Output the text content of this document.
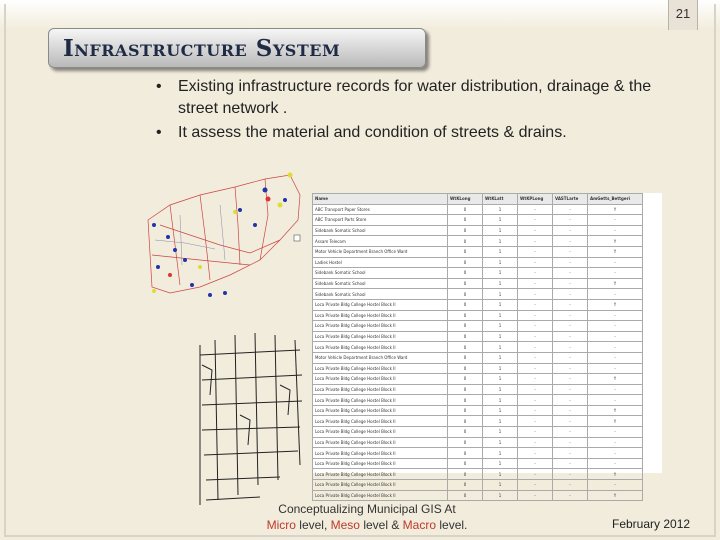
21
Infrastructure System
• Existing infrastructure records for water distribution, drainage & the street network .
• It assess the material and condition of streets & drains.
Name	WtKLong	WtKLatt	WtKPLong	VASTLarte	AmGetts_Bettgeri
ABC Transport Paper Stores	0	1	-	-	Y
ABC Transport Parts Store	0	1	-	-	-
Sidebank Somatic School	0	1	-	-	-
Assam Telecom	0	1	-	-	Y
Motor Vehicle Department Branch Office Ward	0	1	-	-	Y
Ladies Hostel	0	1	-	-	-
Sidebank Somatic School	0	1	-	-	-
Sidebank Somatic School	0	1	-	-	Y
Sidebank Somatic School	0	1	-	-	-
Loca Private Bldg College Hostel Block II	0	1	-	-	Y
Loca Private Bldg College Hostel Block II	0	1	-	-	-
Loca Private Bldg College Hostel Block II	0	1	-	-	-
Loca Private Bldg College Hostel Block II	0	1	-	-	-
Loca Private Bldg College Hostel Block II	0	1	-	-	-
Motor Vehicle Department Branch Office Ward	0	1	-	-	-
Loca Private Bldg College Hostel Block II	0	1	-	-	-
Loca Private Bldg College Hostel Block II	0	1	-	-	Y
Loca Private Bldg College Hostel Block II	0	1	-	-	-
Loca Private Bldg College Hostel Block II	0	1	-	-	-
Loca Private Bldg College Hostel Block II	0	1	-	-	Y
Loca Private Bldg College Hostel Block II	0	1	-	-	Y
Loca Private Bldg College Hostel Block II	0	1	-	-	-
Loca Private Bldg College Hostel Block II	0	1	-	-	-
Loca Private Bldg College Hostel Block II	0	1	-	-	-
Loca Private Bldg College Hostel Block II	0	1	-	-	-
Loca Private Bldg College Hostel Block II	0	1	-	-	Y
Loca Private Bldg College Hostel Block II	0	1	-	-	-
Loca Private Bldg College Hostel Block II	0	1	-	-	Y
Conceptualizing Municipal GIS At
Micro level, Meso level & Macro level.	February 2012
